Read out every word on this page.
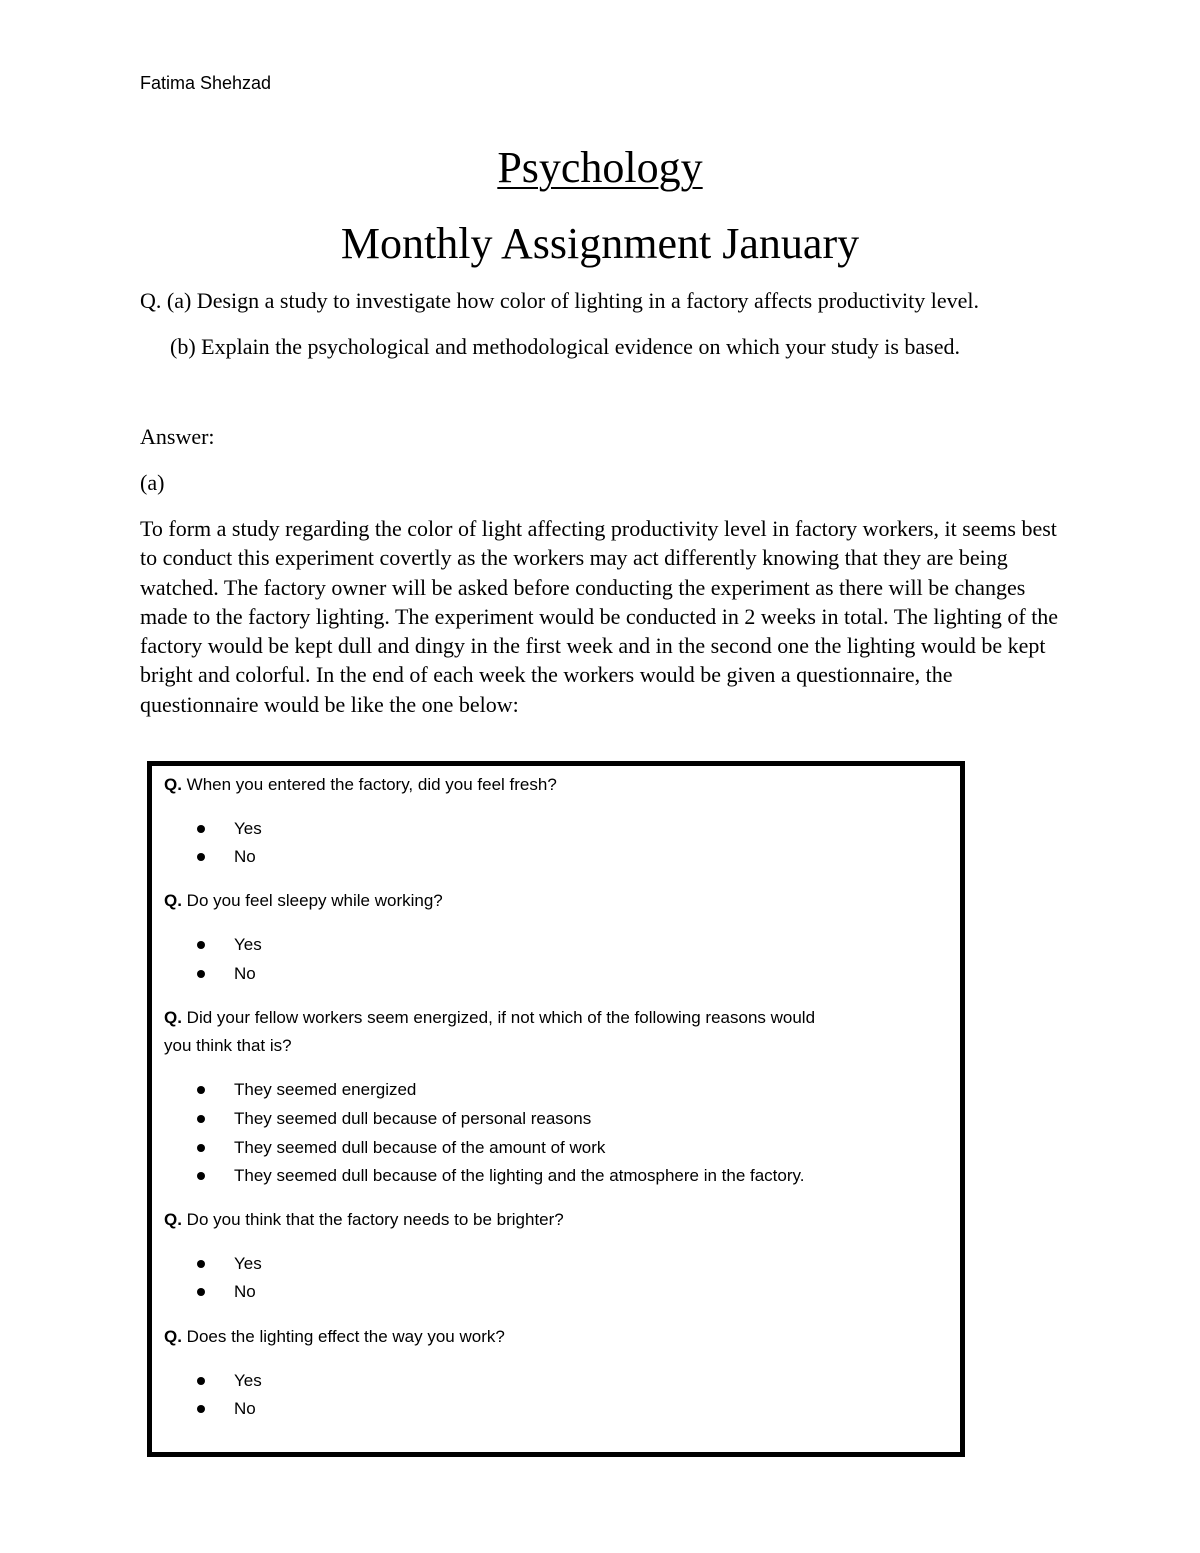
Fatima Shehzad
Psychology
Monthly Assignment January
Q. (a) Design a study to investigate how color of lighting in a factory affects productivity level.
(b) Explain the psychological and methodological evidence on which your study is based.
Answer:
(a)
To form a study regarding the color of light affecting productivity level in factory workers, it seems best to conduct this experiment covertly as the workers may act differently knowing that they are being watched. The factory owner will be asked before conducting the experiment as there will be changes made to the factory lighting. The experiment would be conducted in 2 weeks in total. The lighting of the factory would be kept dull and dingy in the first week and in the second one the lighting would be kept bright and colorful. In the end of each week the workers would be given a questionnaire, the questionnaire would be like the one below:
Q. When you entered the factory, did you feel fresh?
Yes
No
Q. Do you feel sleepy while working?
Yes
No
Q. Did your fellow workers seem energized, if not which of the following reasons would
you think that is?
They seemed energized
They seemed dull because of personal reasons
They seemed dull because of the amount of work
They seemed dull because of the lighting and the atmosphere in the factory.
Q. Do you think that the factory needs to be brighter?
Yes
No
Q. Does the lighting effect the way you work?
Yes
No
